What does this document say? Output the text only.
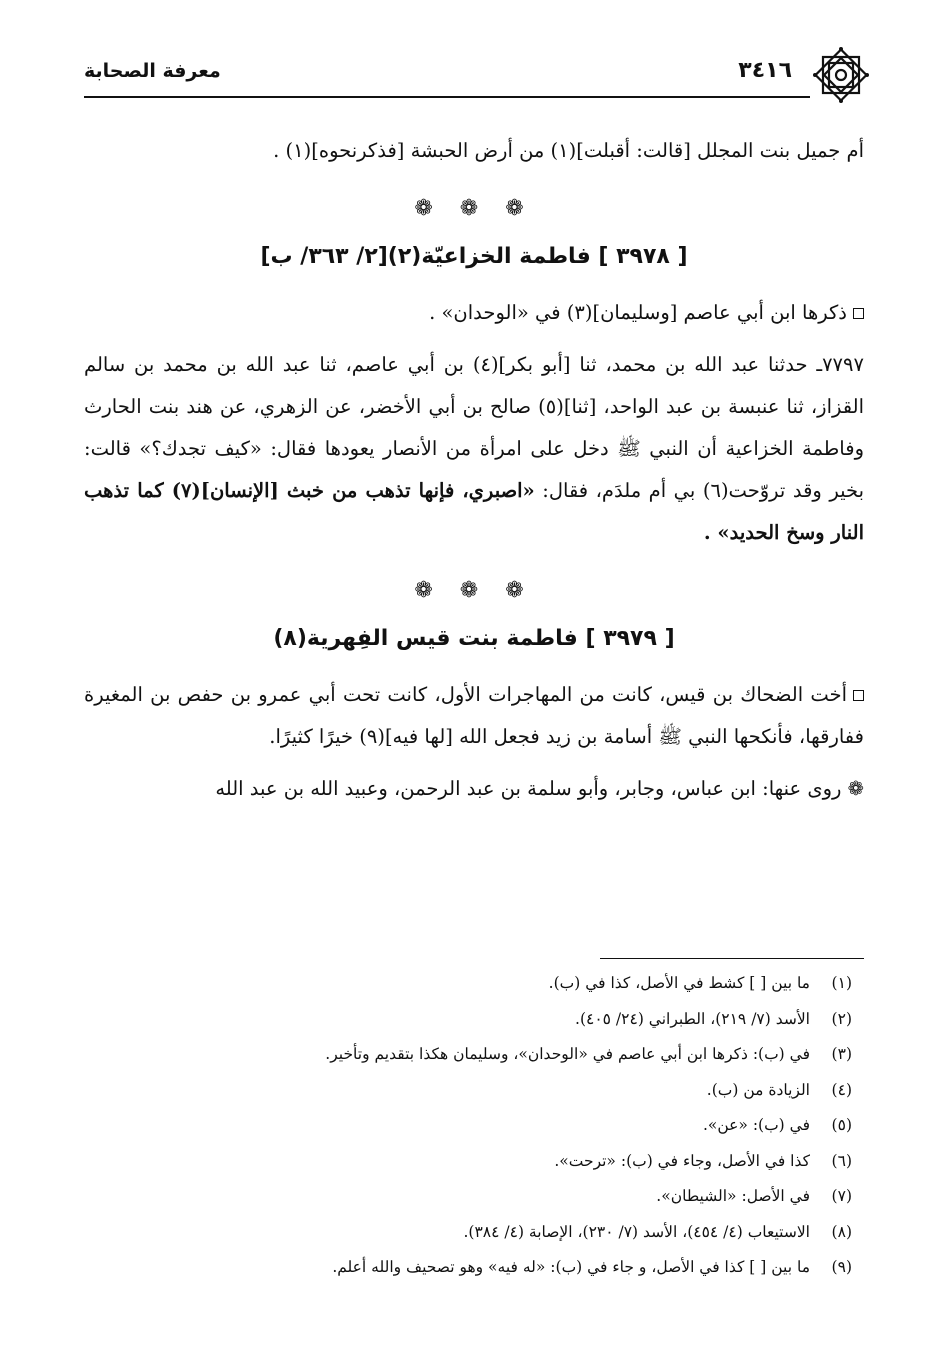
٣٤١٦
معرفة الصحابة

أم جميل بنت المجلل [قالت: أقبلت](١) من أرض الحبشة [فذكرنحوه](١) .

❁ ❁ ❁
[ ٣٩٧٨ ] فاطمة الخزاعيّة(٢)[٢/ ٣٦٣/ ب]

ذكرها ابن أبي عاصم [وسليمان](٣) في «الوحدان» .

٧٧٩٧ـ حدثنا عبد الله بن محمد، ثنا [أبو بكر](٤) بن أبي عاصم، ثنا عبد الله بن محمد بن سالم القزاز، ثنا عنبسة بن عبد الواحد، [ثنا](٥) صالح بن أبي الأخضر، عن الزهري، عن هند بنت الحارث وفاطمة الخزاعية أن النبي ﷺ دخل على امرأة من الأنصار يعودها فقال: «كيف تجدك؟» قالت: بخير وقد تروّحت(٦) بي أم ملدَم، فقال: «اصبري، فإنها تذهب من خبث [الإنسان](٧) كما تذهب النار وسخ الحديد» .

❁ ❁ ❁
[ ٣٩٧٩ ] فاطمة بنت قيس الفِهرية(٨)

أخت الضحاك بن قيس، كانت من المهاجرات الأول، كانت تحت أبي عمرو بن حفص بن المغيرة ففارقها، فأنكحها النبي ﷺ أسامة بن زيد فجعل الله [لها فيه](٩) خيرًا كثيرًا.

❁ روى عنها: ابن عباس، وجابر، وأبو سلمة بن عبد الرحمن، وعبيد الله بن عبد الله

(١)
ما بين [ ] كشط في الأصل، كذا في (ب).
(٢)
الأسد (٧/ ٢١٩)، الطبراني (٢٤/ ٤٠٥).
(٣)
في (ب): ذكرها ابن أبي عاصم في «الوحدان»، وسليمان هكذا بتقديم وتأخير.
(٤)
الزيادة من (ب).
(٥)
في (ب): «عن».
(٦)
كذا في الأصل، وجاء في (ب): «ترحت».
(٧)
في الأصل: «الشيطان».
(٨)
الاستيعاب (٤/ ٤٥٤)، الأسد (٧/ ٢٣٠)، الإصابة (٤/ ٣٨٤).
(٩)
ما بين [ ] كذا في الأصل، و جاء في (ب): «له فيه» وهو تصحيف والله أعلم.
